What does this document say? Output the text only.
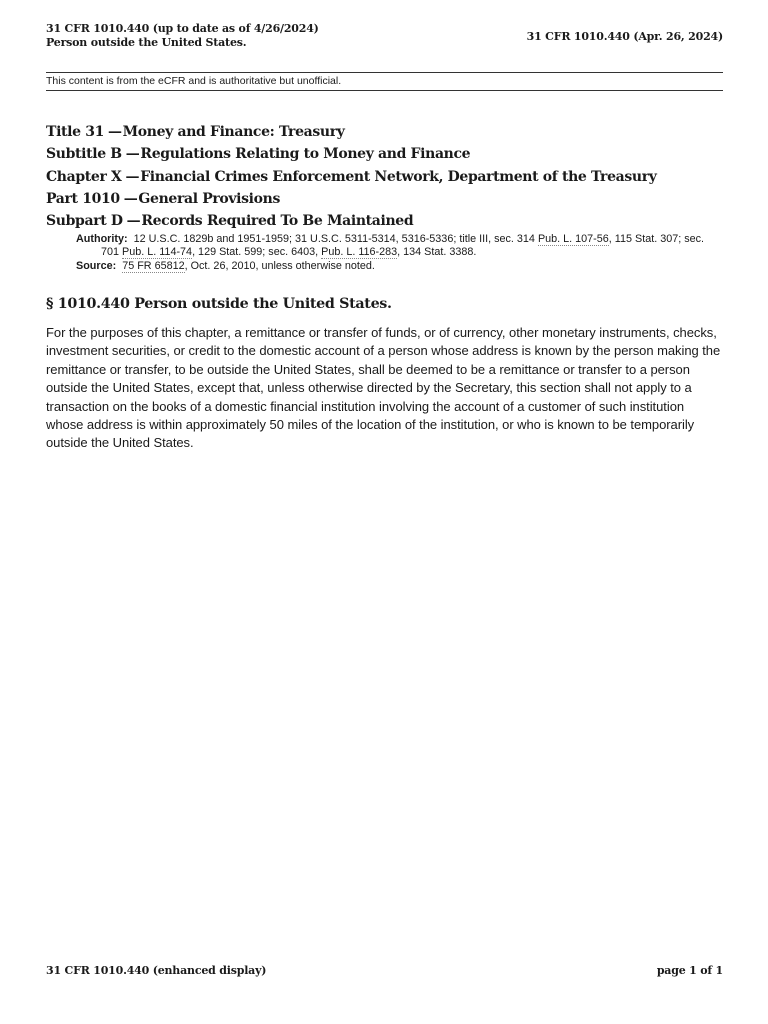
31 CFR 1010.440 (up to date as of 4/26/2024)
Person outside the United States.	31 CFR 1010.440 (Apr. 26, 2024)
This content is from the eCFR and is authoritative but unofficial.
Title 31 —Money and Finance: Treasury
Subtitle B —Regulations Relating to Money and Finance
Chapter X —Financial Crimes Enforcement Network, Department of the Treasury
Part 1010 —General Provisions
Subpart D —Records Required To Be Maintained
Authority: 12 U.S.C. 1829b and 1951-1959; 31 U.S.C. 5311-5314, 5316-5336; title III, sec. 314 Pub. L. 107-56, 115 Stat. 307; sec. 701 Pub. L. 114-74, 129 Stat. 599; sec. 6403, Pub. L. 116-283, 134 Stat. 3388.
Source: 75 FR 65812, Oct. 26, 2010, unless otherwise noted.
§ 1010.440 Person outside the United States.
For the purposes of this chapter, a remittance or transfer of funds, or of currency, other monetary instruments, checks, investment securities, or credit to the domestic account of a person whose address is known by the person making the remittance or transfer, to be outside the United States, shall be deemed to be a remittance or transfer to a person outside the United States, except that, unless otherwise directed by the Secretary, this section shall not apply to a transaction on the books of a domestic financial institution involving the account of a customer of such institution whose address is within approximately 50 miles of the location of the institution, or who is known to be temporarily outside the United States.
31 CFR 1010.440 (enhanced display)	page 1 of 1
